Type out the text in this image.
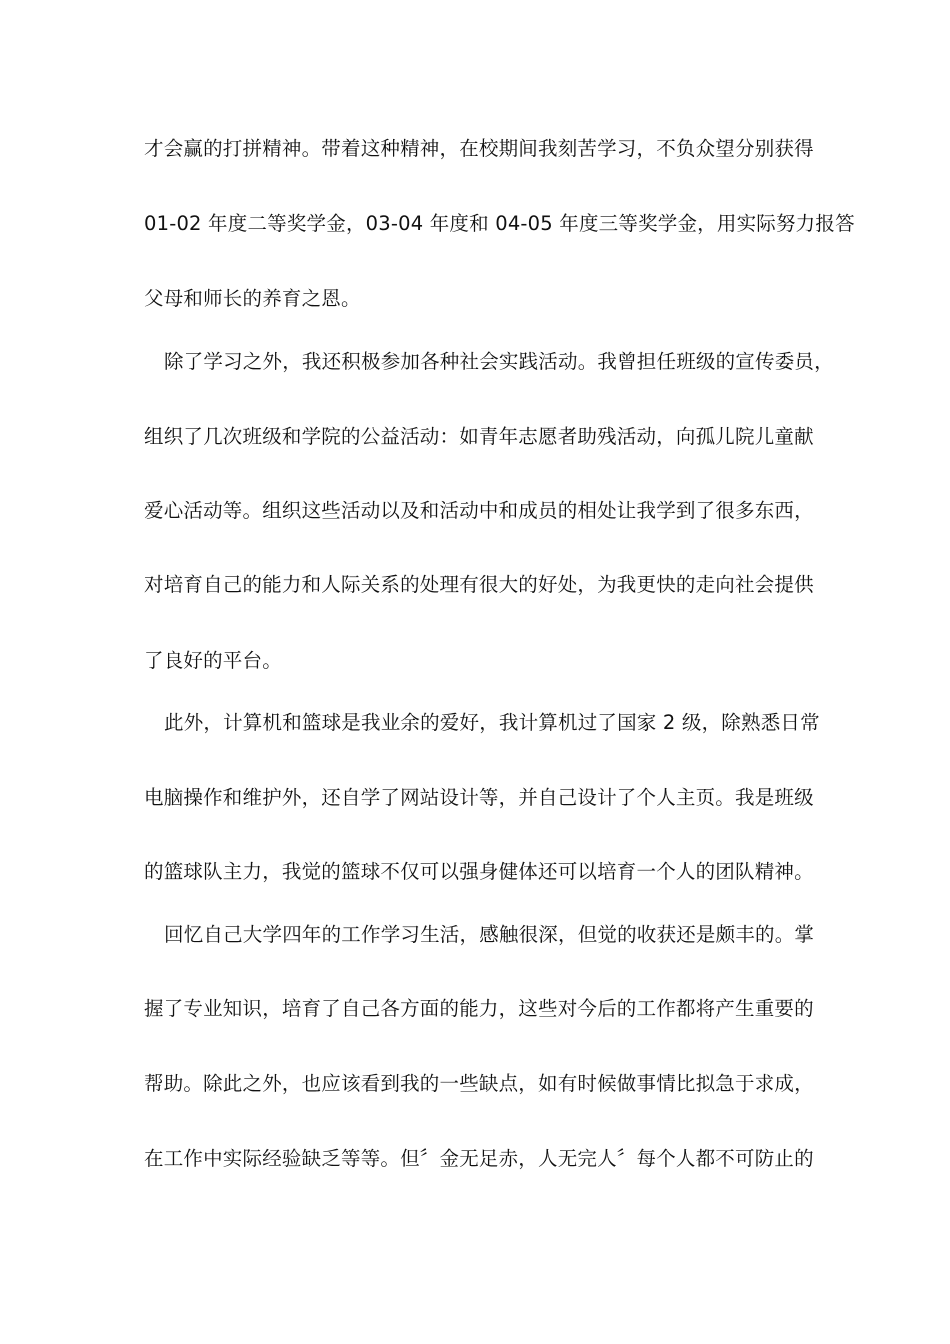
才会赢的打拼精神。带着这种精神，在校期间我刻苦学习，不负众望分别获得
01-02 年度二等奖学金，03-04 年度和 04-05 年度三等奖学金，用实际努力报答
父母和师长的养育之恩。
除了学习之外，我还积极参加各种社会实践活动。我曾担任班级的宣传委员，
组织了几次班级和学院的公益活动：如青年志愿者助残活动，向孤儿院儿童献
爱心活动等。组织这些活动以及和活动中和成员的相处让我学到了很多东西，
对培育自己的能力和人际关系的处理有很大的好处，为我更快的走向社会提供
了良好的平台。
此外，计算机和篮球是我业余的爱好，我计算机过了国家 2 级，除熟悉日常
电脑操作和维护外，还自学了网站设计等，并自己设计了个人主页。我是班级
的篮球队主力，我觉的篮球不仅可以强身健体还可以培育一个人的团队精神。
回忆自己大学四年的工作学习生活，感触很深，但觉的收获还是颇丰的。掌
握了专业知识，培育了自己各方面的能力，这些对今后的工作都将产生重要的
帮助。除此之外，也应该看到我的一些缺点，如有时候做事情比拟急于求成，
在工作中实际经验缺乏等等。但〞金无足赤，人无完人〞每个人都不可防止的
